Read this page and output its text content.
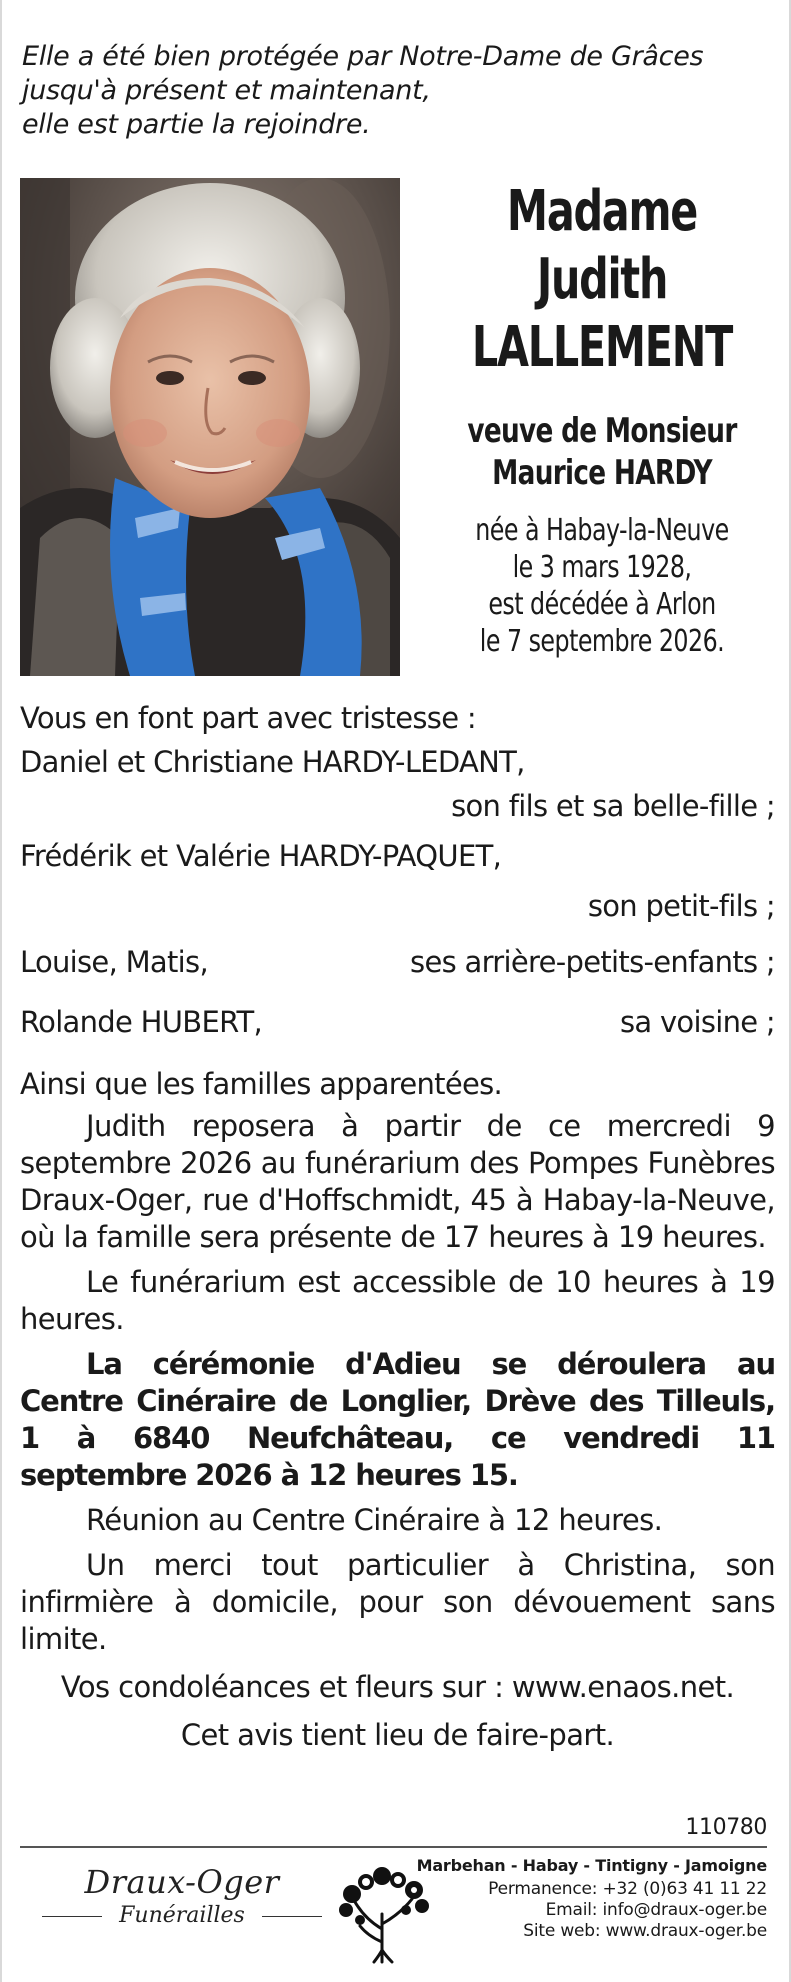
Elle a été bien protégée par Notre-Dame de Grâces
jusqu'à présent et maintenant,
elle est partie la rejoindre.
Madame
Judith
LALLEMENT
veuve de Monsieur
Maurice HARDY
née à Habay-la-Neuve
le 3 mars 1928,
est décédée à Arlon
le 7 septembre 2026.
Vous en font part avec tristesse :
Daniel et Christiane HARDY-LEDANT,
son fils et sa belle-fille ;
Frédérik et Valérie HARDY-PAQUET,
son petit-fils ;
Louise, Matis,	ses arrière-petits-enfants ;
Rolande HUBERT,	sa voisine ;
Ainsi que les familles apparentées.

Judith reposera à partir de ce mercredi 9 septembre 2026 au funérarium des Pompes Funèbres Draux-Oger, rue d'Hoffschmidt, 45 à Habay-la-Neuve, où la famille sera présente de 17 heures à 19 heures.

Le funérarium est accessible de 10 heures à 19 heures.

La cérémonie d'Adieu se déroulera au Centre Cinéraire de Longlier, Drève des Tilleuls, 1 à 6840 Neufchâteau, ce vendredi 11 septembre 2026 à 12 heures 15.

Réunion au Centre Cinéraire à 12 heures.

Un merci tout particulier à Christina, son infirmière à domicile, pour son dévouement sans limite.

Vos condoléances et fleurs sur : www.enaos.net.
Cet avis tient lieu de faire-part.
110780
Draux-Oger
Funérailles
Marbehan - Habay - Tintigny - Jamoigne
Permanence: +32 (0)63 41 11 22
Email: info@draux-oger.be
Site web: www.draux-oger.be
